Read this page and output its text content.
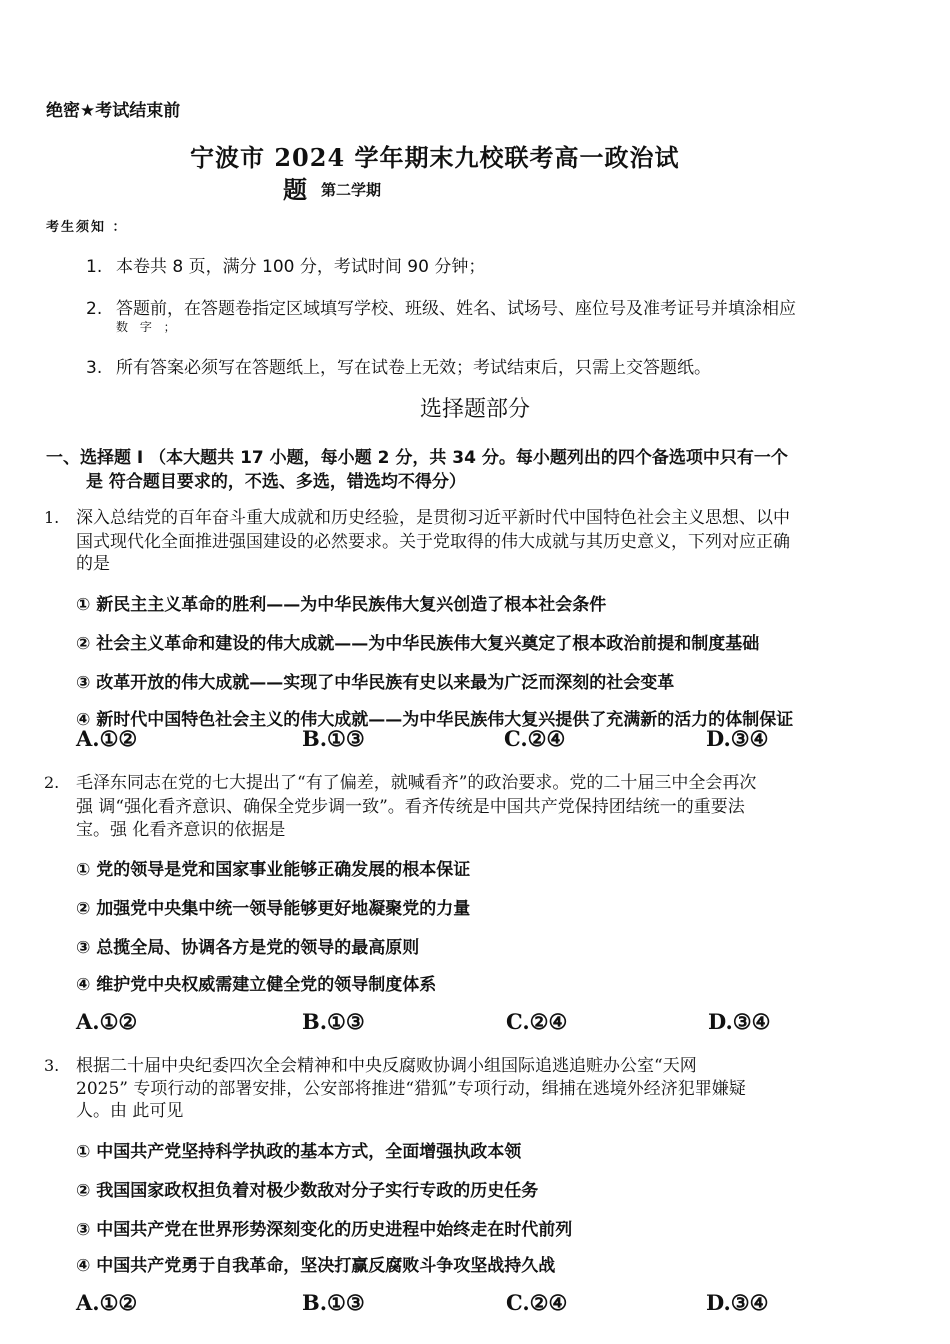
绝密★考试结束前
宁波市 2024 学年期末九校联考高一政治试
题 $^{第二学期}$
考生须知 ：
1. 本卷共 8 页，满分 100 分，考试时间 90 分钟；
2. 答题前，在答题卷指定区域填写学校、班级、姓名、试场号、座位号及准考证号并填涂相应
数 字 ；
3. 所有答案必须写在答题纸上，写在试卷上无效；考试结束后，只需上交答题纸。
选择题部分
一、选择题 I （本大题共 17 小题，每小题 2 分，共 34 分。每小题列出的四个备选项中只有一个
是 符合题目要求的，不选、多选，错选均不得分）
1. 深入总结党的百年奋斗重大成就和历史经验，是贯彻习近平新时代中国特色社会主义思想、以中
国式现代化全面推进强国建设的必然要求。关于党取得的伟大成就与其历史意义，下列对应正确
的是
① 新民主主义革命的胜利——为中华民族伟大复兴创造了根本社会条件
② 社会主义革命和建设的伟大成就——为中华民族伟大复兴奠定了根本政治前提和制度基础
③ 改革开放的伟大成就——实现了中华民族有史以来最为广泛而深刻的社会变革
④ 新时代中国特色社会主义的伟大成就——为中华民族伟大复兴提供了充满新的活力的体制保证
A.①②	B.①③	C.②④	D.③④
2. 毛泽东同志在党的七大提出了“有了偏差，就喊看齐”的政治要求。党的二十届三中全会再次
强 调“强化看齐意识、确保全党步调一致”。看齐传统是中国共产党保持团结统一的重要法
宝。强 化看齐意识的依据是
① 党的领导是党和国家事业能够正确发展的根本保证
② 加强党中央集中统一领导能够更好地凝聚党的力量
③ 总揽全局、协调各方是党的领导的最高原则
④ 维护党中央权威需建立健全党的领导制度体系
A.①②	B.①③	C.②④	D.③④
3. 根据二十届中央纪委四次全会精神和中央反腐败协调小组国际追逃追赃办公室“天网
2025” 专项行动的部署安排，公安部将推进“猎狐”专项行动，缉捕在逃境外经济犯罪嫌疑
人。由 此可见
① 中国共产党坚持科学执政的基本方式，全面增强执政本领
② 我国国家政权担负着对极少数敌对分子实行专政的历史任务
③ 中国共产党在世界形势深刻变化的历史进程中始终走在时代前列
④ 中国共产党勇于自我革命，坚决打赢反腐败斗争攻坚战持久战
A.①②	B.①③	C.②④	D.③④
